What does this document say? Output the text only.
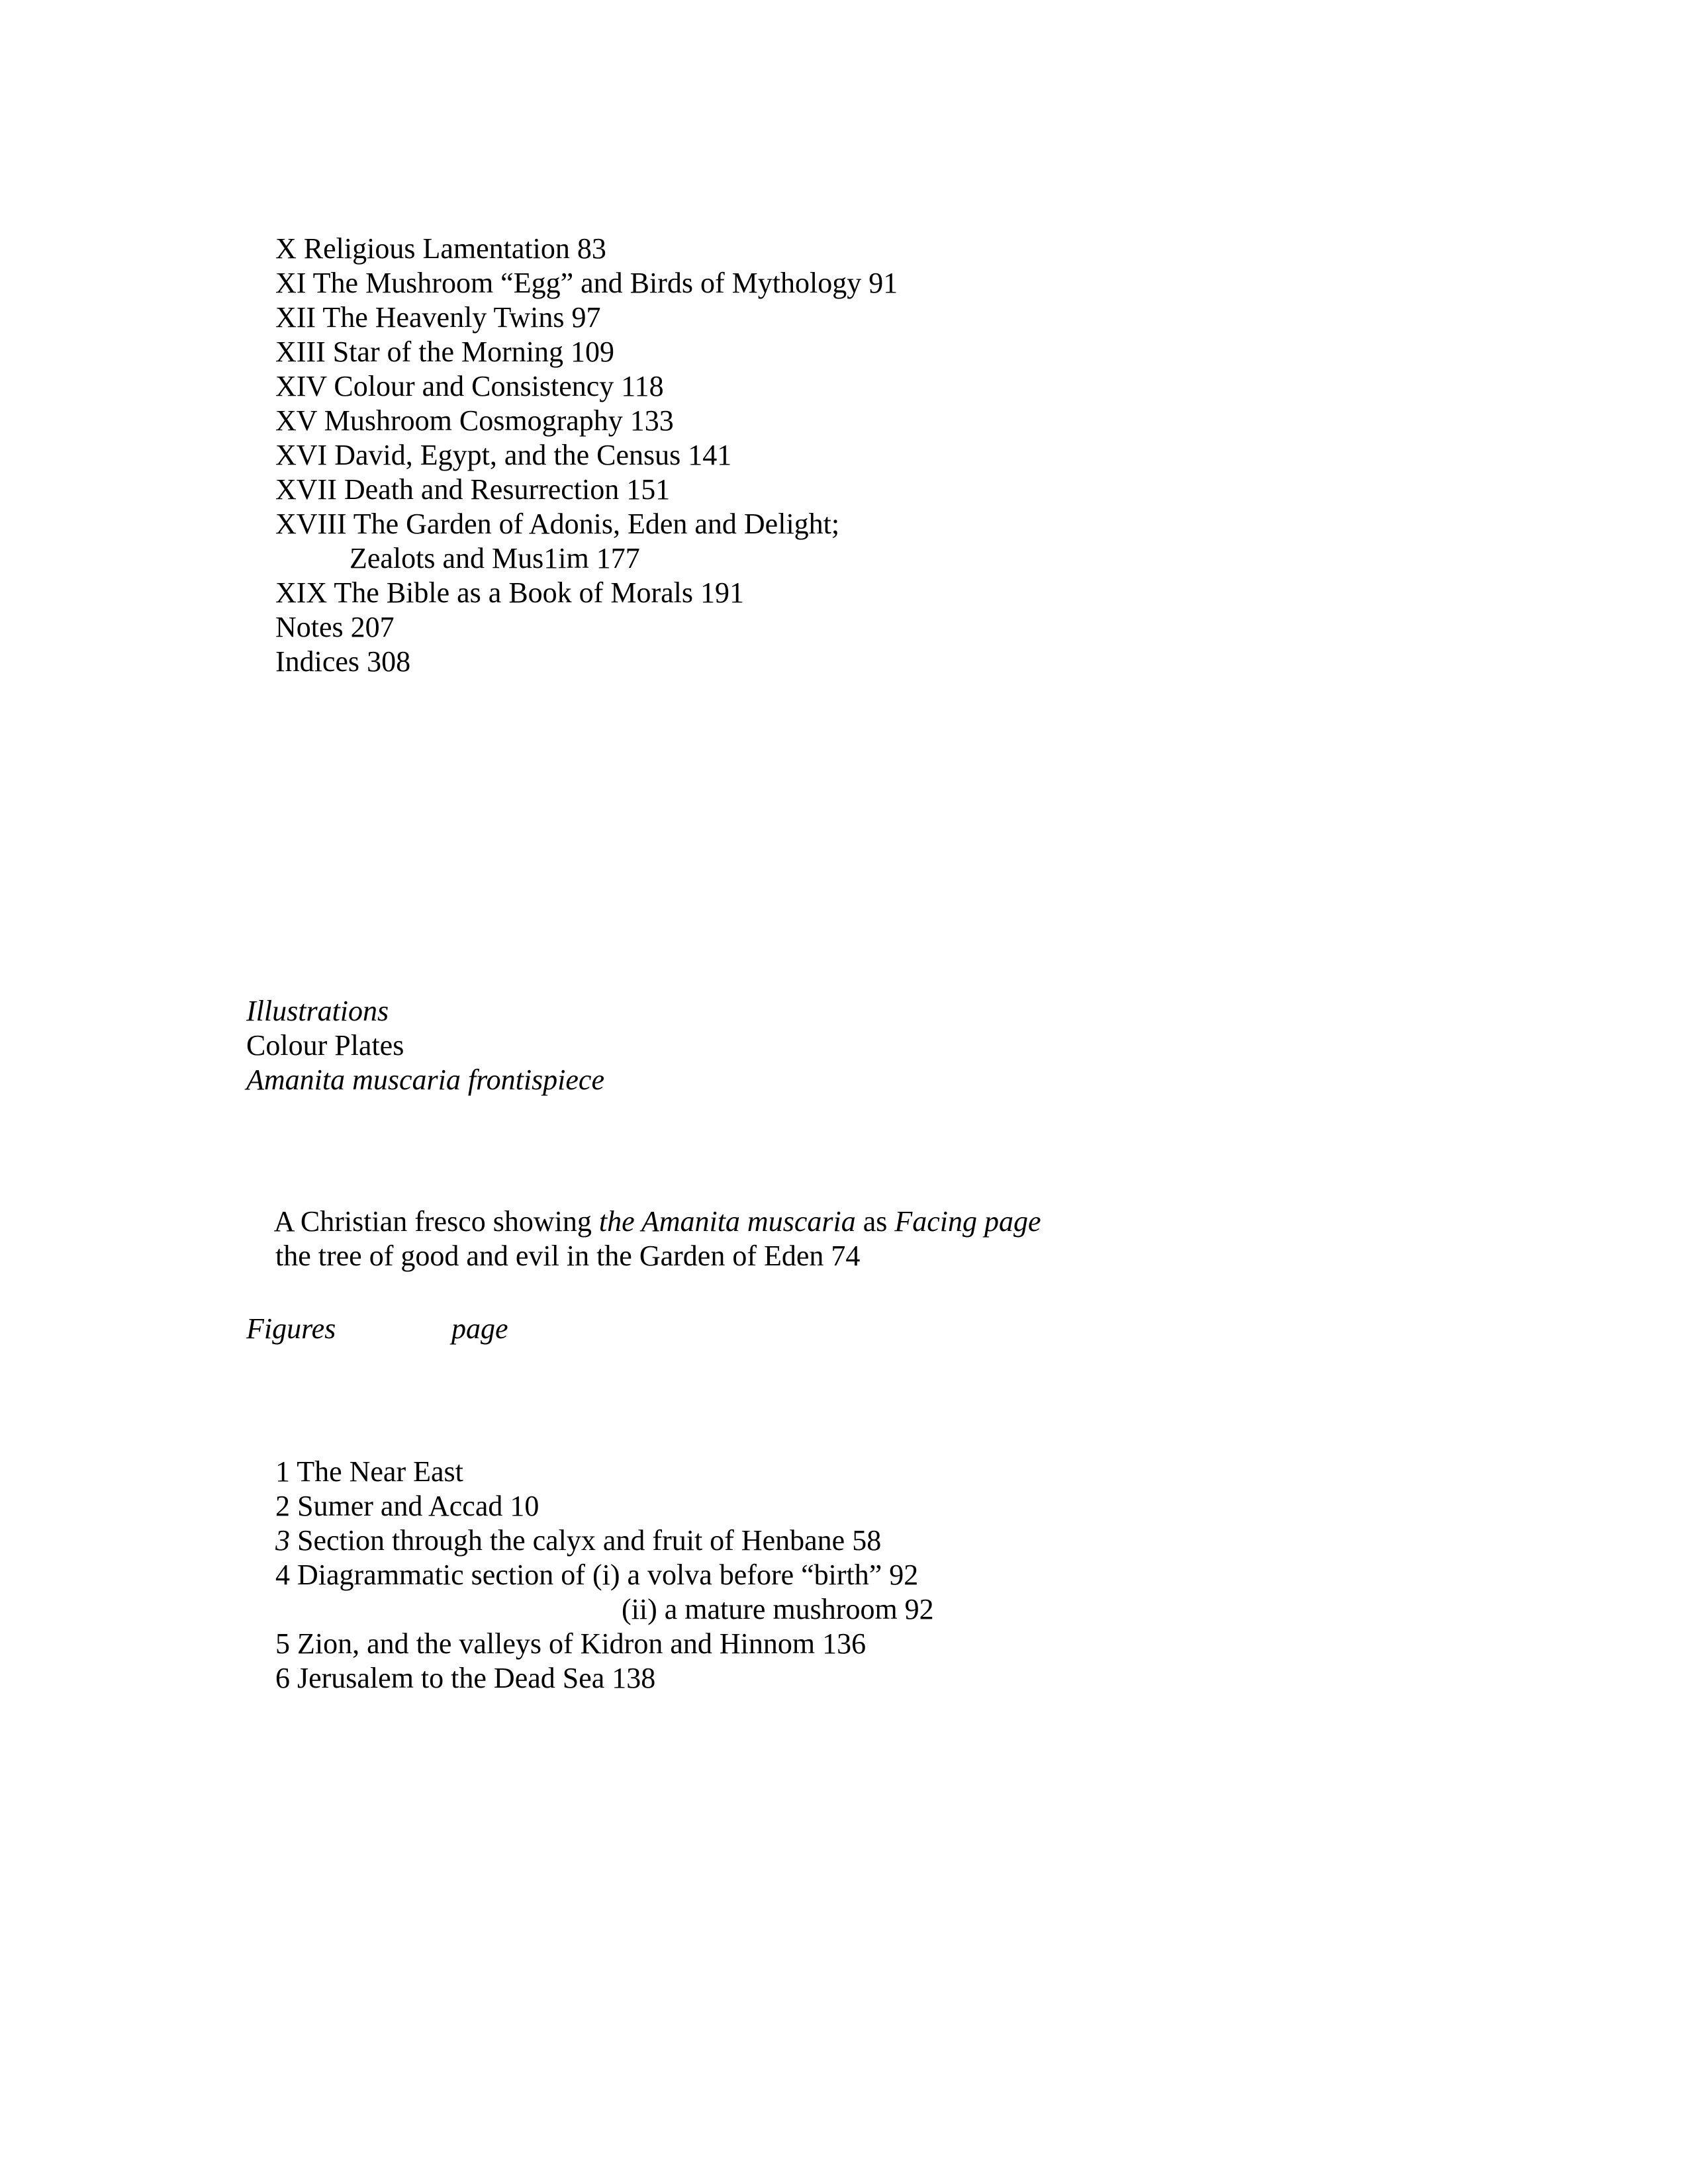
X Religious Lamentation 83

XI The Mushroom “Egg” and Birds of Mythology 91

XII The Heavenly Twins 97

XIII Star of the Morning 109

XIV Colour and Consistency 118

XV Mushroom Cosmography 133

XVI David, Egypt, and the Census 141

XVII Death and Resurrection 151

XVIII The Garden of Adonis, Eden and Delight;

Zealots and Mus1im 177

XIX The Bible as a Book of Morals 191

Notes 207

Indices 308

Illustrations
Colour Plates
Amanita muscaria frontispiece

A Christian fresco showing the Amanita muscaria as Facing page

the tree of good and evil in the Garden of Eden 74

Figures	page

1 The Near East

2 Sumer and Accad 10

3 Section through the calyx and fruit of Henbane 58

4 Diagrammatic section of (i) a volva before “birth” 92

(ii) a mature mushroom 92

5 Zion, and the valleys of Kidron and Hinnom 136

6 Jerusalem to the Dead Sea 138
